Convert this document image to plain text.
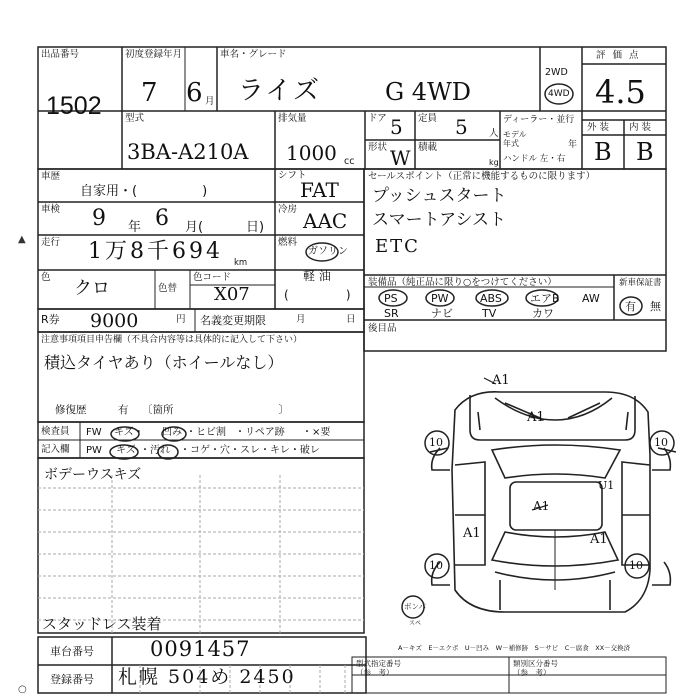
▲
○
出品番号
1502
初度登録年月
7 6 月
車名・グレード
ライズ	G 4WD
2WD
4WD
評 価 点
4.5
外 装 内 装
B B
型式
3BA-A210A
排気量
1000 cc
ドア 5 定員 5 人
形状 W 積載
kg
ディーラー・並行
モデル
年式	年
ハンドル 左・右
車歴
自家用・(　　　　　)
車検 9 年 6 月(	日)
走行 1万8千694 km
色
クロ	色替
色コード
X07
シフト
FAT
冷房 AAC
燃料
ガソリン
軽 油
(               )
R券 9000	円 名義変更期限	月	日
セールスポイント（正常に機能するものに限ります）
プッシュスタート
スマートアシスト
ETC
装備品（純正品に限り○をつけてください）
PS	PW	ABS	エアB AW
SR	ナビ	TV	カワ
新車保証書
有 無
後目品
注意事項項目申告欄（不具合内容等は具体的に記入して下さい）
積込タイヤあり（ホイールなし）
修復歴	有 〔箇所　　　　　　　　　　〕
検査員
記入欄
FW キズ・ 凹み ・ヒビ割 ・リペア跡 ・×要
PW キズ ・汚れ ・コゲ・穴・スレ・キレ・破レ
ボデーウスキズ
スタッドレス装着
車台番号	0091457
登録番号 札幌 504め 2450
A－キズ　E－エクボ　U－凹み　W－補修跡　S－サビ　C－腐食　XX－交換済
型式指定番号
（参　考）
類別区分番号
（参　考）
A1
A1
A1
U1
A1	A1
10	10
10	10
ボンパ
スペ
